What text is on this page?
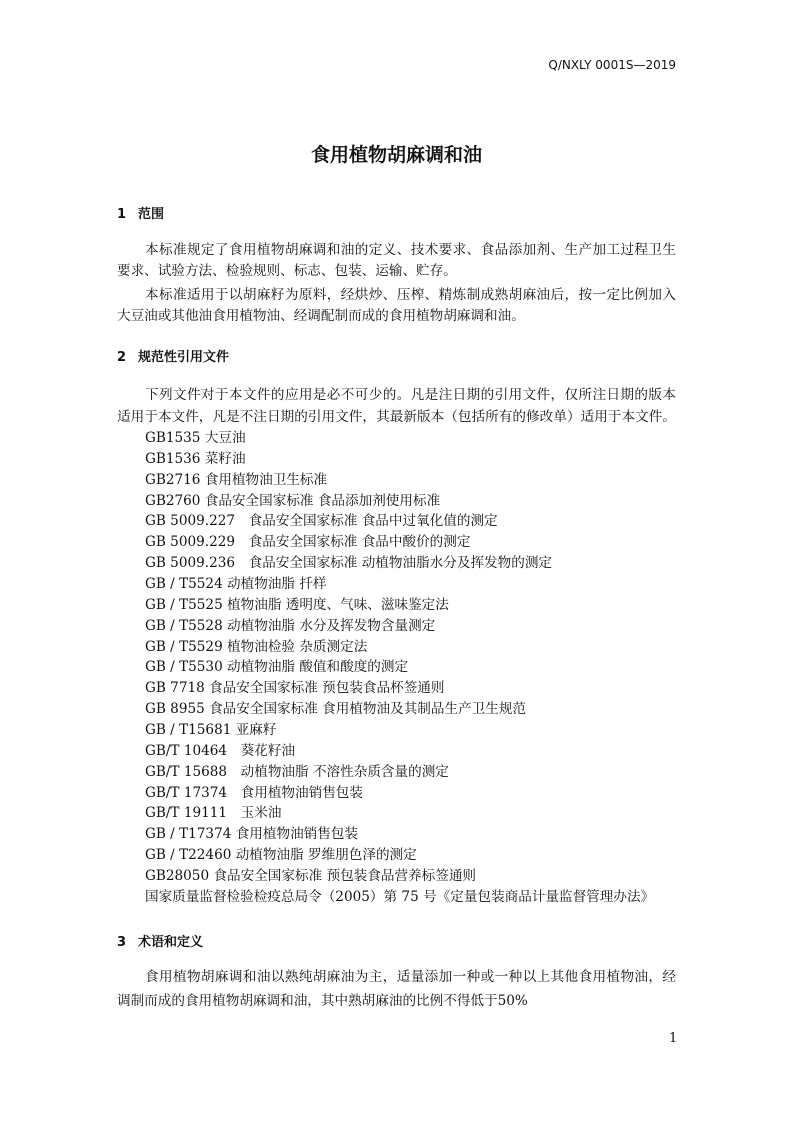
Q/NXLY 0001S—2019
食用植物胡麻调和油
1 范围
本标准规定了食用植物胡麻调和油的定义、技术要求、食品添加剂、生产加工过程卫生
要求、试验方法、检验规则、标志、包装、运输、贮存。
本标准适用于以胡麻籽为原料，经烘炒、压榨、精炼制成熟胡麻油后，按一定比例加入
大豆油或其他油食用植物油、经调配制而成的食用植物胡麻调和油。
2 规范性引用文件
下列文件对于本文件的应用是必不可少的。凡是注日期的引用文件，仅所注日期的版本
适用于本文件，凡是不注日期的引用文件，其最新版本（包括所有的修改单）适用于本文件。
GB1535 大豆油
GB1536 菜籽油
GB2716 食用植物油卫生标准
GB2760 食品安全国家标准 食品添加剂使用标准
GB 5009.227　食品安全国家标准 食品中过氧化值的测定
GB 5009.229　食品安全国家标准 食品中酸价的测定
GB 5009.236　食品安全国家标准 动植物油脂水分及挥发物的测定
GB / T5524 动植物油脂 扦样
GB / T5525 植物油脂 透明度、气味、滋味鉴定法
GB / T5528 动植物油脂 水分及挥发物含量测定
GB / T5529 植物油检验 杂质测定法
GB / T5530 动植物油脂 酸值和酸度的测定
GB 7718 食品安全国家标准 预包装食品杯签通则
GB 8955 食品安全国家标准 食用植物油及其制品生产卫生规范
GB / T15681 亚麻籽
GB/T 10464　葵花籽油
GB/T 15688　动植物油脂 不溶性杂质含量的测定
GB/T 17374　食用植物油销售包装
GB/T 19111　玉米油
GB / T17374 食用植物油销售包装
GB / T22460 动植物油脂 罗维朋色泽的测定
GB28050 食品安全国家标准 预包装食品营养标签通则
国家质量监督检验检疫总局令（2005）第 75 号《定量包装商品计量监督管理办法》
3 术语和定义
食用植物胡麻调和油以熟纯胡麻油为主，适量添加一种或一种以上其他食用植物油，经
调制而成的食用植物胡麻调和油，其中熟胡麻油的比例不得低于50%
1
